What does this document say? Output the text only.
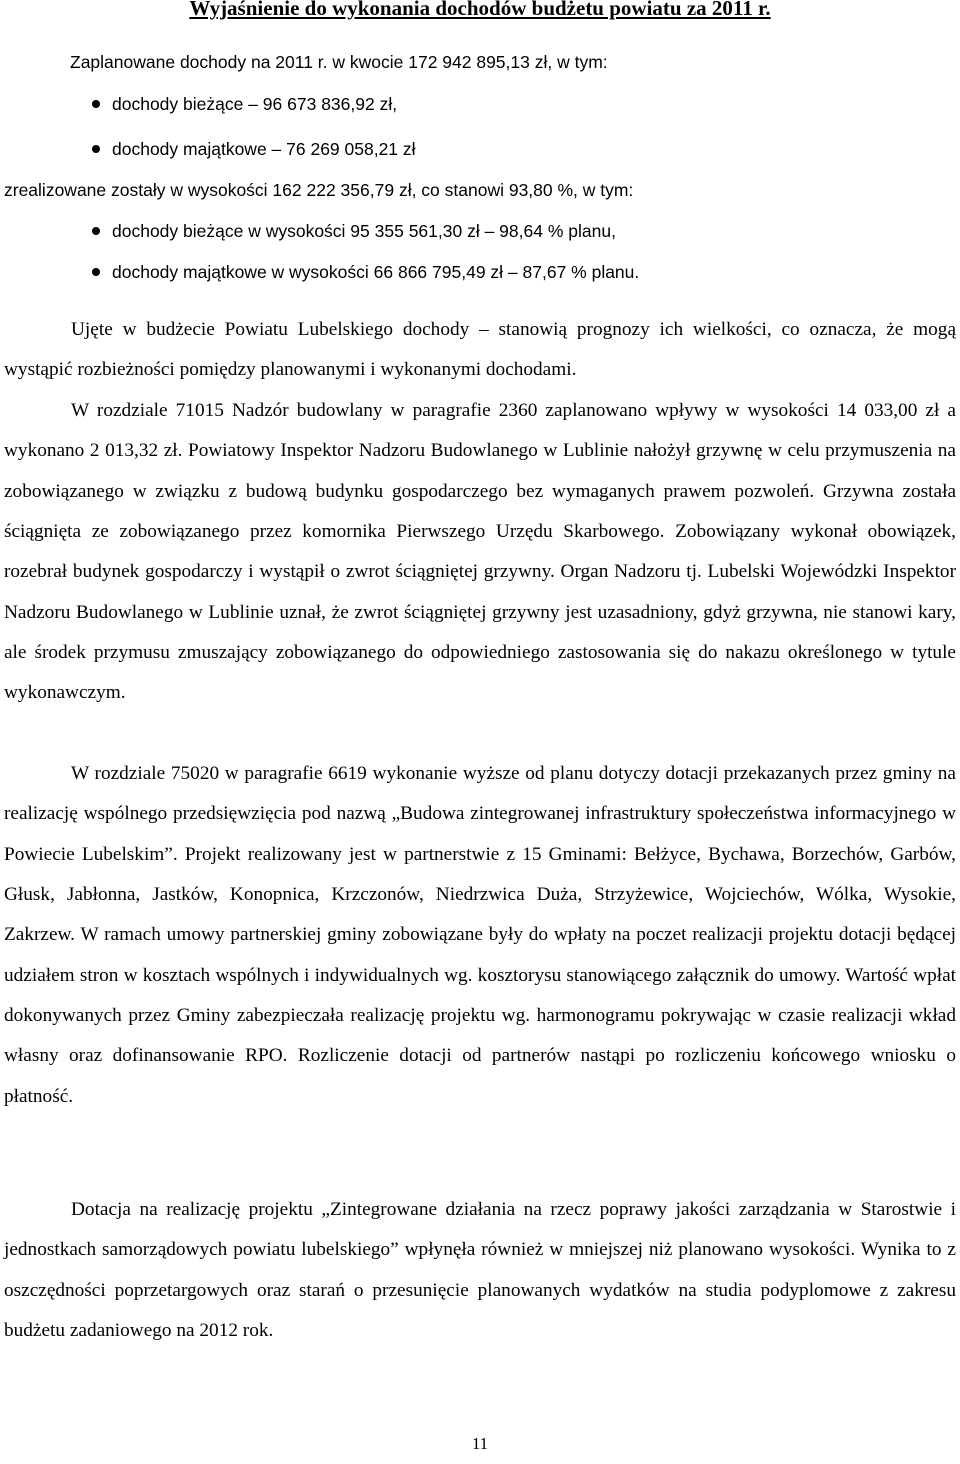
Wyjaśnienie do wykonania dochodów budżetu powiatu za 2011 r.

Zaplanowane dochody na 2011 r. w kwocie 172 942 895,13 zł, w tym:

dochody bieżące – 96 673 836,92 zł,

dochody majątkowe – 76 269 058,21 zł

zrealizowane zostały w wysokości 162 222 356,79 zł, co stanowi 93,80 %, w tym:

dochody bieżące w wysokości 95 355 561,30 zł – 98,64 % planu,

dochody majątkowe w wysokości 66 866 795,49 zł – 87,67 % planu.

Ujęte w budżecie Powiatu Lubelskiego dochody – stanowią prognozy ich wielkości, co oznacza, że mogą wystąpić rozbieżności pomiędzy planowanymi i wykonanymi dochodami.

W rozdziale 71015 Nadzór budowlany w paragrafie 2360 zaplanowano wpływy w wysokości 14 033,00 zł a wykonano 2 013,32 zł. Powiatowy Inspektor Nadzoru Budowlanego w Lublinie nałożył grzywnę w celu przymuszenia na zobowiązanego w związku z budową budynku gospodarczego bez wymaganych prawem pozwoleń. Grzywna została ściągnięta ze zobowiązanego przez komornika Pierwszego Urzędu Skarbowego. Zobowiązany wykonał obowiązek, rozebrał budynek gospodarczy i wystąpił o zwrot ściągniętej grzywny. Organ Nadzoru tj. Lubelski Wojewódzki Inspektor Nadzoru Budowlanego w Lublinie uznał, że zwrot ściągniętej grzywny jest uzasadniony, gdyż grzywna, nie stanowi kary, ale środek przymusu zmuszający zobowiązanego do odpowiedniego zastosowania się do nakazu określonego w tytule wykonawczym.

W rozdziale 75020 w paragrafie 6619 wykonanie wyższe od planu dotyczy dotacji przekazanych przez gminy na realizację wspólnego przedsięwzięcia pod nazwą „Budowa zintegrowanej infrastruktury społeczeństwa informacyjnego w Powiecie Lubelskim”. Projekt realizowany jest w partnerstwie z 15 Gminami: Bełżyce, Bychawa, Borzechów, Garbów, Głusk, Jabłonna, Jastków, Konopnica, Krzczonów, Niedrzwica Duża, Strzyżewice, Wojciechów, Wólka, Wysokie, Zakrzew. W ramach umowy partnerskiej gminy zobowiązane były do wpłaty na poczet realizacji projektu dotacji będącej udziałem stron w kosztach wspólnych i indywidualnych wg. kosztorysu stanowiącego załącznik do umowy. Wartość wpłat dokonywanych przez Gminy zabezpieczała realizację projektu wg. harmonogramu pokrywając w czasie realizacji wkład własny oraz dofinansowanie RPO. Rozliczenie dotacji od partnerów nastąpi po rozliczeniu końcowego wniosku o płatność.

Dotacja na realizację projektu „Zintegrowane działania na rzecz poprawy jakości zarządzania w Starostwie i jednostkach samorządowych powiatu lubelskiego” wpłynęła również w mniejszej niż planowano wysokości. Wynika to z oszczędności poprzetargowych oraz starań o przesunięcie planowanych wydatków na studia podyplomowe z zakresu budżetu zadaniowego na 2012 rok.

11
